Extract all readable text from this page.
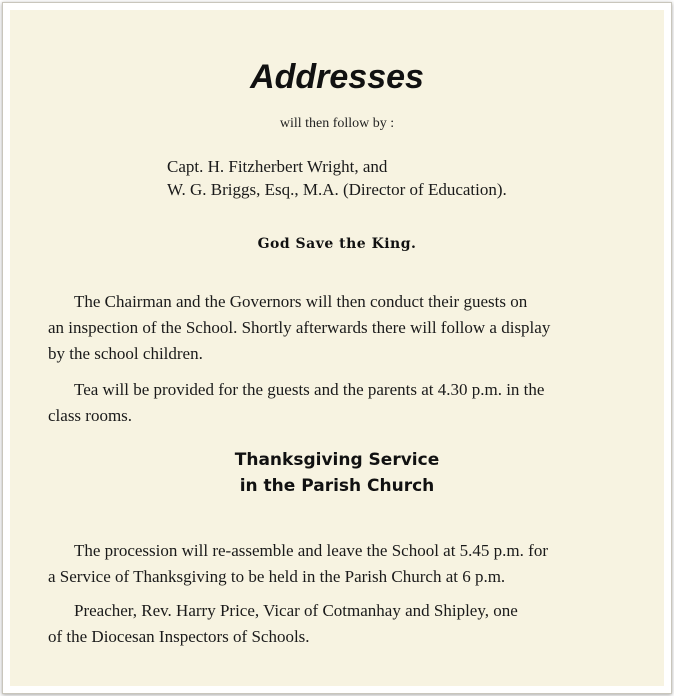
Addresses
will then follow by :
Capt. H. Fitzherbert Wright, and
W. G. Briggs, Esq., M.A. (Director of Education).
God Save the King.

The Chairman and the Governors will then conduct their guests on
an inspection of the School. Shortly afterwards there will follow a display
by the school children.

Tea will be provided for the guests and the parents at 4.30 p.m. in the
class rooms.

Thanksgiving Service
in the Parish Church

The procession will re-assemble and leave the School at 5.45 p.m. for
a Service of Thanksgiving to be held in the Parish Church at 6 p.m.

Preacher, Rev. Harry Price, Vicar of Cotmanhay and Shipley, one
of the Diocesan Inspectors of Schools.
